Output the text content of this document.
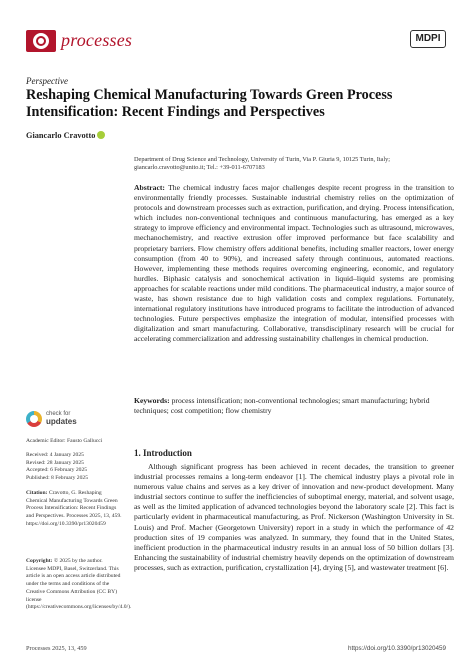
processes	MDPI
Perspective
Reshaping Chemical Manufacturing Towards Green Process Intensification: Recent Findings and Perspectives
Giancarlo Cravotto
Department of Drug Science and Technology, University of Turin, Via P. Giuria 9, 10125 Turin, Italy;
giancarlo.cravotto@unito.it; Tel.: +39-011-6707183

Abstract: The chemical industry faces major challenges despite recent progress in the transition to environmentally friendly processes. Sustainable industrial chemistry relies on the optimization of protocols and downstream processes such as extraction, purification, and drying. Process intensification, which includes non-conventional techniques and continuous manufacturing, has emerged as a key strategy to improve efficiency and environmental impact. Technologies such as ultrasound, microwaves, mechanochemistry, and reactive extrusion offer improved performance but face scalability and proprietary barriers. Flow chemistry offers additional benefits, including smaller reactors, lower energy consumption (from 40 to 90%), and increased safety through continuous, automated reactions. However, implementing these methods requires overcoming engineering, economic, and regulatory hurdles. Biphasic catalysis and sonochemical activation in liquid–liquid systems are promising approaches for scalable reactions under mild conditions. The pharmaceutical industry, a major source of waste, has shown resistance due to high validation costs and complex regulations. Fortunately, international regulatory institutions have introduced programs to facilitate the introduction of advanced technologies. Future perspectives emphasize the integration of modular, intensified processes with digitalization and smart manufacturing. Collaborative, transdisciplinary research will be crucial for accelerating commercialization and addressing sustainability challenges in chemical production.

Keywords: process intensification; non-conventional technologies; smart manufacturing; hybrid techniques; cost competition; flow chemistry

check for
updates
Academic Editor: Fausto Gallucci
Received: 4 January 2025
Revised: 28 January 2025
Accepted: 6 February 2025
Published: 8 February 2025
Citation: Cravotto, G. Reshaping Chemical Manufacturing Towards Green Process Intensification: Recent Findings and Perspectives. Processes 2025, 13, 459. https://doi.org/10.3390/pr13020459
Copyright: © 2025 by the author. Licensee MDPI, Basel, Switzerland. This article is an open access article distributed under the terms and conditions of the Creative Commons Attribution (CC BY) license (https://creativecommons.org/licenses/by/4.0/).
1. Introduction

Although significant progress has been achieved in recent decades, the transition to greener industrial processes remains a long-term endeavor [1]. The chemical industry plays a pivotal role in numerous value chains and serves as a key driver of innovation and new-product development. Many industrial sectors continue to suffer the inefficiencies of suboptimal energy, material, and solvent usage, as well as the limited application of advanced technologies beyond the laboratory scale [2]. This fact is particularly evident in pharmaceutical manufacturing, as Prof. Nickerson (Washington University in St. Louis) and Prof. Macher (Georgetown University) report in a study in which the performance of 42 production sites of 19 companies was analyzed. In summary, they found that in the United States, inefficient production in the pharmaceutical industry results in an annual loss of 50 billion dollars [3]. Enhancing the sustainability of industrial chemistry heavily depends on the optimization of downstream processes, such as extraction, purification, crystallization [4], drying [5], and wastewater treatment [6].

Processes 2025, 13, 459	https://doi.org/10.3390/pr13020459
